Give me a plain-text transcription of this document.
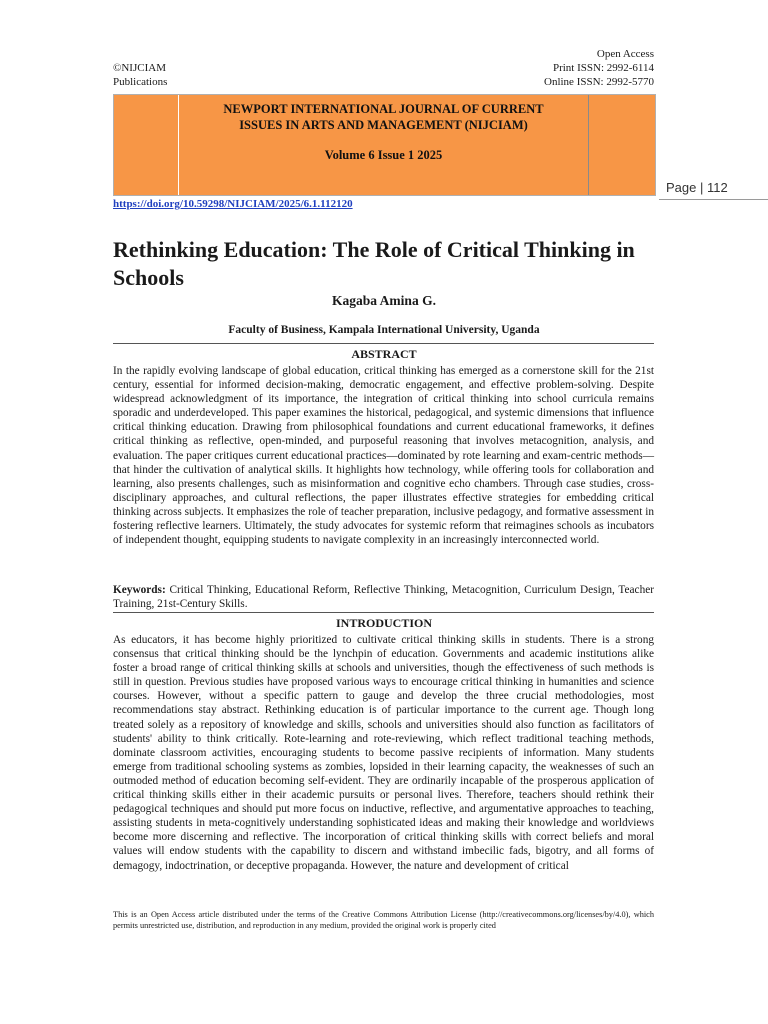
©NIJCIAM
Publications
Open Access
Print ISSN: 2992-6114
Online ISSN: 2992-5770
NEWPORT INTERNATIONAL JOURNAL OF CURRENT
ISSUES IN ARTS AND MANAGEMENT (NIJCIAM)
Volume 6 Issue 1 2025
Page | 112
https://doi.org/10.59298/NIJCIAM/2025/6.1.112120
Rethinking Education: The Role of Critical Thinking in Schools
Kagaba Amina G.
Faculty of Business, Kampala International University, Uganda
ABSTRACT
In the rapidly evolving landscape of global education, critical thinking has emerged as a cornerstone skill for the 21st century, essential for informed decision-making, democratic engagement, and effective problem-solving. Despite widespread acknowledgment of its importance, the integration of critical thinking into school curricula remains sporadic and underdeveloped. This paper examines the historical, pedagogical, and systemic dimensions that influence critical thinking education. Drawing from philosophical foundations and current educational frameworks, it defines critical thinking as reflective, open-minded, and purposeful reasoning that involves metacognition, analysis, and evaluation. The paper critiques current educational practices—dominated by rote learning and exam-centric methods—that hinder the cultivation of analytical skills. It highlights how technology, while offering tools for collaboration and learning, also presents challenges, such as misinformation and cognitive echo chambers. Through case studies, cross-disciplinary approaches, and cultural reflections, the paper illustrates effective strategies for embedding critical thinking across subjects. It emphasizes the role of teacher preparation, inclusive pedagogy, and formative assessment in fostering reflective learners. Ultimately, the study advocates for systemic reform that reimagines schools as incubators of independent thought, equipping students to navigate complexity in an increasingly interconnected world.
Keywords: Critical Thinking, Educational Reform, Reflective Thinking, Metacognition, Curriculum Design, Teacher Training, 21st-Century Skills.
INTRODUCTION
As educators, it has become highly prioritized to cultivate critical thinking skills in students. There is a strong consensus that critical thinking should be the lynchpin of education. Governments and academic institutions alike foster a broad range of critical thinking skills at schools and universities, though the effectiveness of such methods is still in question. Previous studies have proposed various ways to encourage critical thinking in humanities and science courses. However, without a specific pattern to gauge and develop the three crucial methodologies, most recommendations stay abstract. Rethinking education is of particular importance to the current age. Though long treated solely as a repository of knowledge and skills, schools and universities should also function as facilitators of students' ability to think critically. Rote-learning and rote-reviewing, which reflect traditional teaching methods, dominate classroom activities, encouraging students to become passive recipients of information. Many students emerge from traditional schooling systems as zombies, lopsided in their learning capacity, the weaknesses of such an outmoded method of education becoming self-evident. They are ordinarily incapable of the prosperous application of critical thinking skills either in their academic pursuits or personal lives. Therefore, teachers should rethink their pedagogical techniques and should put more focus on inductive, reflective, and argumentative approaches to teaching, assisting students in meta-cognitively understanding sophisticated ideas and making their knowledge and worldviews become more discerning and reflective. The incorporation of critical thinking skills with correct beliefs and moral values will endow students with the capability to discern and withstand imbecilic fads, bigotry, and all forms of demagogy, indoctrination, or deceptive propaganda. However, the nature and development of critical
This is an Open Access article distributed under the terms of the Creative Commons Attribution License (http://creativecommons.org/licenses/by/4.0), which permits unrestricted use, distribution, and reproduction in any medium, provided the original work is properly cited
